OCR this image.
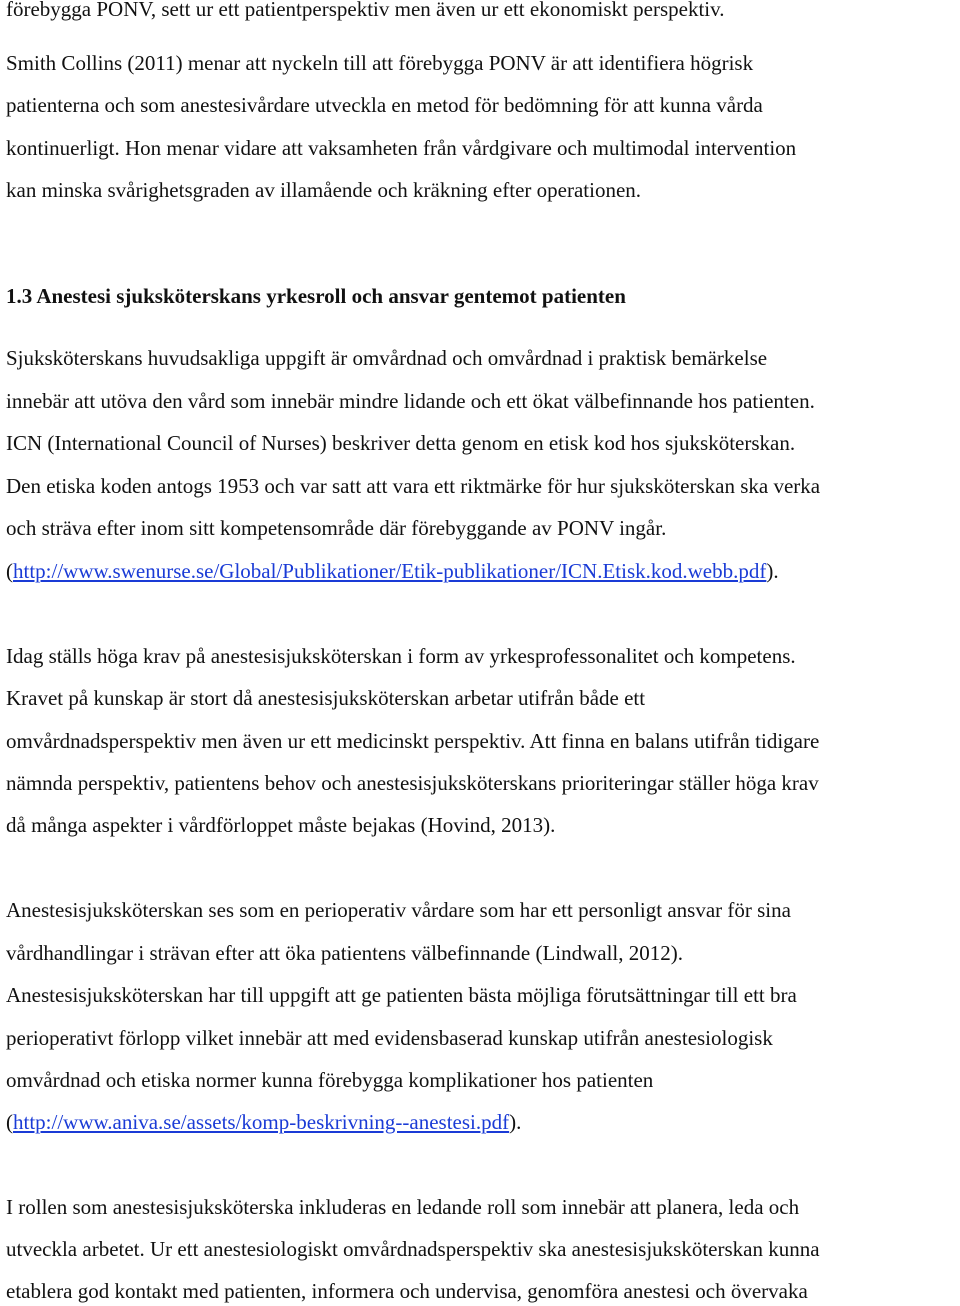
förebygga PONV, sett ur ett patientperspektiv men även ur ett ekonomiskt perspektiv.
Smith Collins (2011) menar att nyckeln till att förebygga PONV är att identifiera högrisk
patienterna och som anestesivårdare utveckla en metod för bedömning för att kunna vårda
kontinuerligt. Hon menar vidare att vaksamheten från vårdgivare och multimodal intervention
kan minska svårighetsgraden av illamående och kräkning efter operationen.
1.3 Anestesi sjuksköterskans yrkesroll och ansvar gentemot patienten
Sjuksköterskans huvudsakliga uppgift är omvårdnad och omvårdnad i praktisk bemärkelse
innebär att utöva den vård som innebär mindre lidande och ett ökat välbefinnande hos patienten.
ICN (International Council of Nurses) beskriver detta genom en etisk kod hos sjuksköterskan.
Den etiska koden antogs 1953 och var satt att vara ett riktmärke för hur sjuksköterskan ska verka
och sträva efter inom sitt kompetensområde där förebyggande av PONV ingår.
(http://www.swenurse.se/Global/Publikationer/Etik-publikationer/ICN.Etisk.kod.webb.pdf).
Idag ställs höga krav på anestesisjuksköterskan i form av yrkesprofessonalitet och kompetens.
Kravet på kunskap är stort då anestesisjuksköterskan arbetar utifrån både ett
omvårdnadsperspektiv men även ur ett medicinskt perspektiv. Att finna en balans utifrån tidigare
nämnda perspektiv, patientens behov och anestesisjuksköterskans prioriteringar ställer höga krav
då många aspekter i vårdförloppet måste bejakas (Hovind, 2013).
Anestesisjuksköterskan ses som en perioperativ vårdare som har ett personligt ansvar för sina
vårdhandlingar i strävan efter att öka patientens välbefinnande (Lindwall, 2012).
Anestesisjuksköterskan har till uppgift att ge patienten bästa möjliga förutsättningar till ett bra
perioperativt förlopp vilket innebär att med evidensbaserad kunskap utifrån anestesiologisk
omvårdnad och etiska normer kunna förebygga komplikationer hos patienten
(http://www.aniva.se/assets/komp-beskrivning--anestesi.pdf).
I rollen som anestesisjuksköterska inkluderas en ledande roll som innebär att planera, leda och
utveckla arbetet. Ur ett anestesiologiskt omvårdnadsperspektiv ska anestesisjuksköterskan kunna
etablera god kontakt med patienten, informera och undervisa, genomföra anestesi och övervaka
